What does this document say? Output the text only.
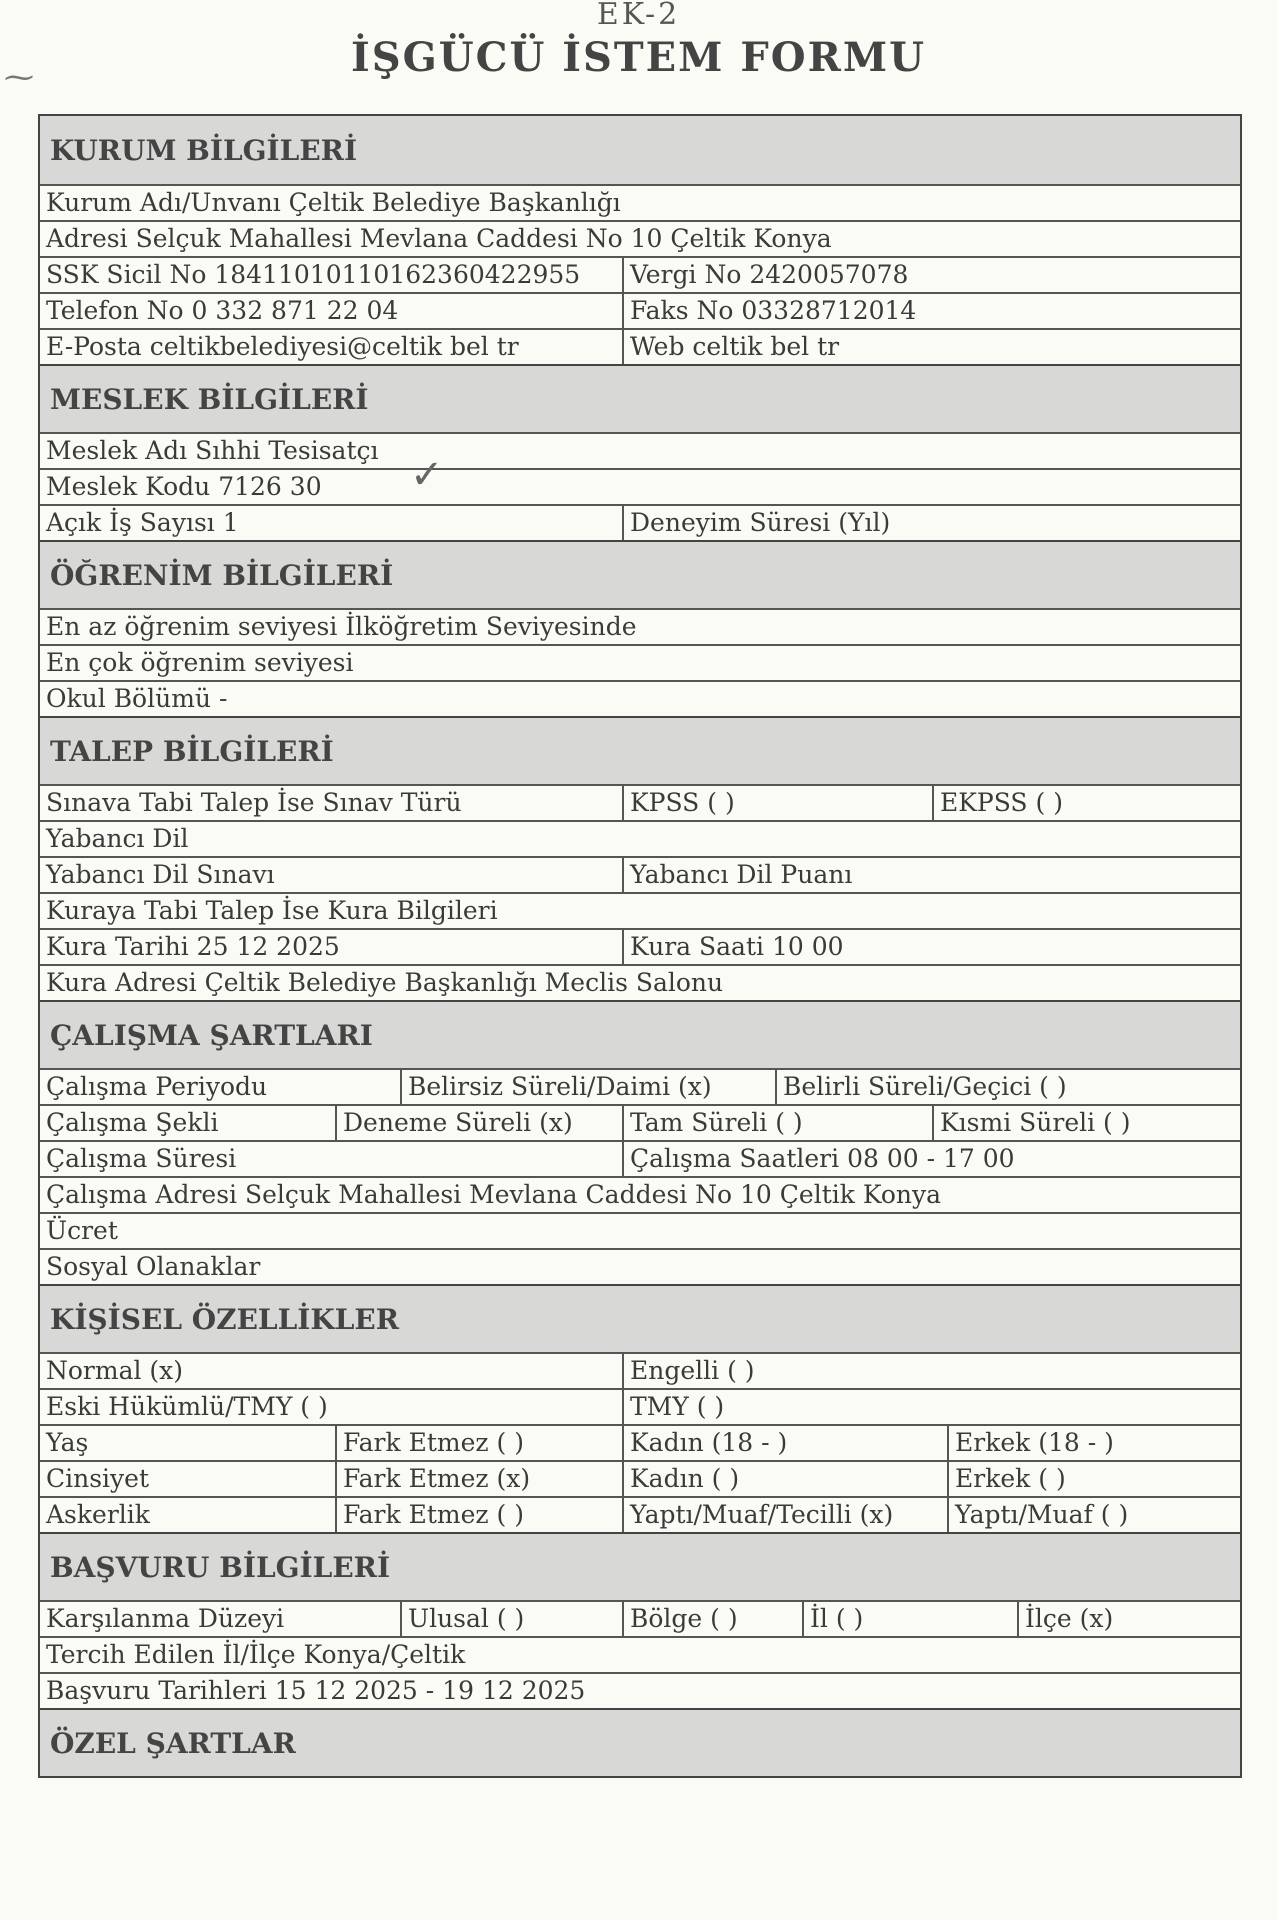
EK-2
İŞGÜCÜ İSTEM FORMU
⁓
KURUM BİLGİLERİ
Kurum Adı/Unvanı Çeltik Belediye Başkanlığı
Adresi Selçuk Mahallesi Mevlana Caddesi No 10 Çeltik Konya
SSK Sicil No 18411010110162360422955	Vergi No 2420057078
Telefon No 0 332 871 22 04	Faks No 03328712014
E-Posta celtikbelediyesi@celtik bel tr	Web celtik bel tr
MESLEK BİLGİLERİ
Meslek Adı Sıhhi Tesisatçı
Meslek Kodu 7126 30
Açık İş Sayısı 1	Deneyim Süresi (Yıl)
ÖĞRENİM BİLGİLERİ
En az öğrenim seviyesi İlköğretim Seviyesinde
En çok öğrenim seviyesi
Okul Bölümü -
TALEP BİLGİLERİ
Sınava Tabi Talep İse Sınav Türü	KPSS ( )	EKPSS ( )
Yabancı Dil
Yabancı Dil Sınavı	Yabancı Dil Puanı
Kuraya Tabi Talep İse Kura Bilgileri
Kura Tarihi 25 12 2025	Kura Saati 10 00
Kura Adresi Çeltik Belediye Başkanlığı Meclis Salonu
ÇALIŞMA ŞARTLARI
Çalışma Periyodu	Belirsiz Süreli/Daimi (x)	Belirli Süreli/Geçici ( )
Çalışma Şekli	Deneme Süreli (x)	Tam Süreli ( )	Kısmi Süreli ( )
Çalışma Süresi	Çalışma Saatleri 08 00 - 17 00
Çalışma Adresi Selçuk Mahallesi Mevlana Caddesi No 10 Çeltik Konya
Ücret
Sosyal Olanaklar
KİŞİSEL ÖZELLİKLER
Normal (x)	Engelli ( )
Eski Hükümlü/TMY ( )	TMY ( )
Yaş	Fark Etmez ( )	Kadın (18 - )	Erkek (18 - )
Cinsiyet	Fark Etmez (x)	Kadın ( )	Erkek ( )
Askerlik	Fark Etmez ( )	Yaptı/Muaf/Tecilli (x)	Yaptı/Muaf ( )
BAŞVURU BİLGİLERİ
Karşılanma Düzeyi	Ulusal ( )	Bölge ( )	İl ( )	İlçe (x)
Tercih Edilen İl/İlçe Konya/Çeltik
Başvuru Tarihleri 15 12 2025 - 19 12 2025
ÖZEL ŞARTLAR
✓
